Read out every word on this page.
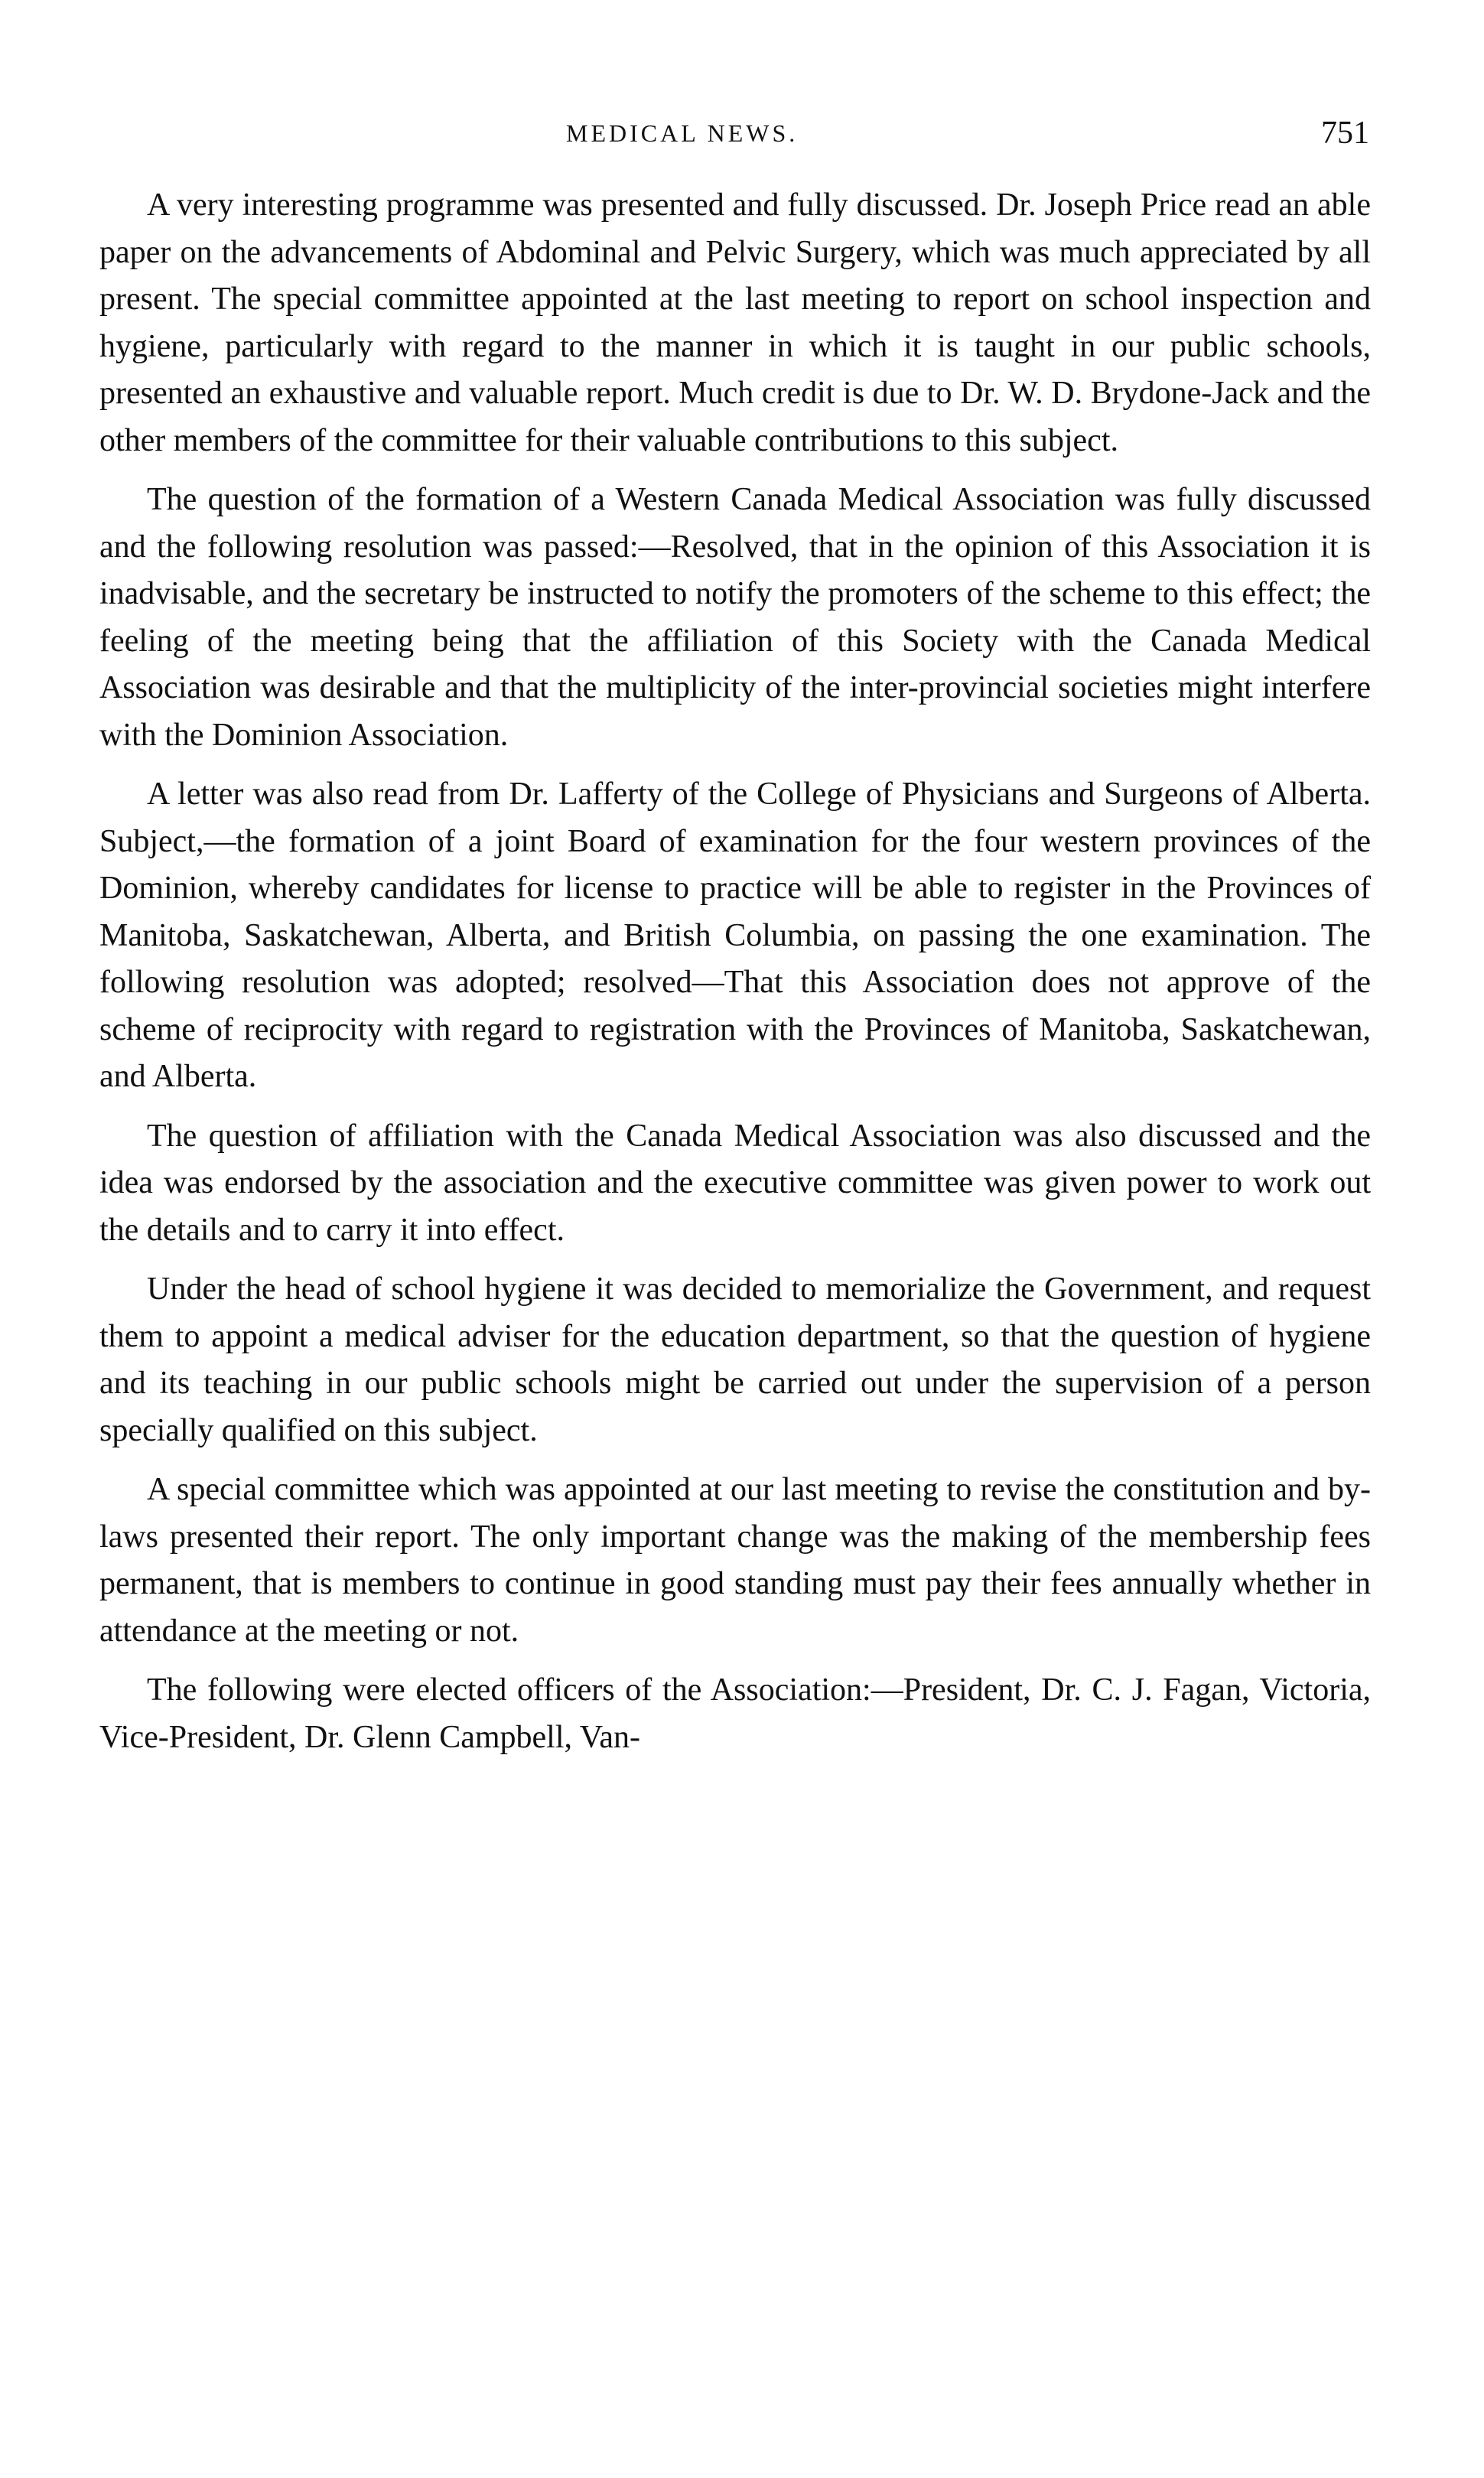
MEDICAL NEWS.	751

A very interesting programme was presented and fully discussed. Dr. Joseph Price read an able paper on the advancements of Abdominal and Pelvic Surgery, which was much appreciated by all present. The special committee appointed at the last meeting to report on school inspection and hygiene, particularly with regard to the manner in which it is taught in our public schools, presented an exhaustive and valuable report. Much credit is due to Dr. W. D. Brydone-Jack and the other members of the committee for their valuable contributions to this subject.

The question of the formation of a Western Canada Medical Association was fully discussed and the following resolution was passed:—Resolved, that in the opinion of this Association it is inadvisable, and the secretary be instructed to notify the promoters of the scheme to this effect; the feeling of the meeting being that the affiliation of this Society with the Canada Medical Association was desirable and that the multiplicity of the inter-provincial societies might interfere with the Dominion Association.

A letter was also read from Dr. Lafferty of the College of Physicians and Surgeons of Alberta. Subject,—the formation of a joint Board of examination for the four western provinces of the Dominion, whereby candidates for license to practice will be able to register in the Provinces of Manitoba, Saskatchewan, Alberta, and British Columbia, on passing the one examination. The following resolution was adopted; resolved—That this Association does not approve of the scheme of reciprocity with regard to registration with the Provinces of Manitoba, Saskatchewan, and Alberta.

The question of affiliation with the Canada Medical Association was also discussed and the idea was endorsed by the association and the executive committee was given power to work out the details and to carry it into effect.

Under the head of school hygiene it was decided to memorialize the Government, and request them to appoint a medical adviser for the education department, so that the question of hygiene and its teaching in our public schools might be carried out under the supervision of a person specially qualified on this subject.

A special committee which was appointed at our last meeting to revise the constitution and by-laws presented their report. The only important change was the making of the membership fees permanent, that is members to continue in good standing must pay their fees annually whether in attendance at the meeting or not.

The following were elected officers of the Association:—President, Dr. C. J. Fagan, Victoria, Vice-President, Dr. Glenn Campbell, Van-
